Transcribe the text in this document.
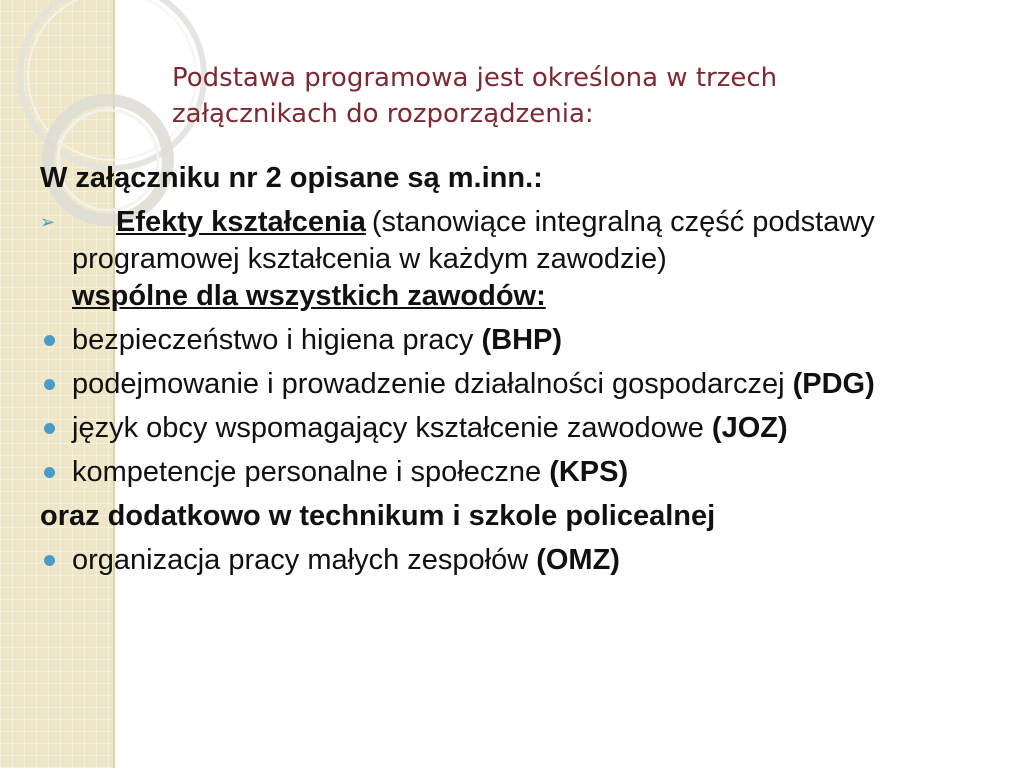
Podstawa programowa jest określona w trzech
załącznikach do rozporządzenia:
W załączniku nr 2 opisane są m.inn.:
➢ Efekty kształcenia (stanowiące integralną część podstawy programowej kształcenia w każdym zawodzie)
wspólne dla wszystkich zawodów:
bezpieczeństwo i higiena pracy (BHP)
podejmowanie i prowadzenie działalności gospodarczej (PDG)
język obcy wspomagający kształcenie zawodowe (JOZ)
kompetencje personalne i społeczne (KPS)
oraz dodatkowo w technikum i szkole policealnej
organizacja pracy małych zespołów (OMZ)
